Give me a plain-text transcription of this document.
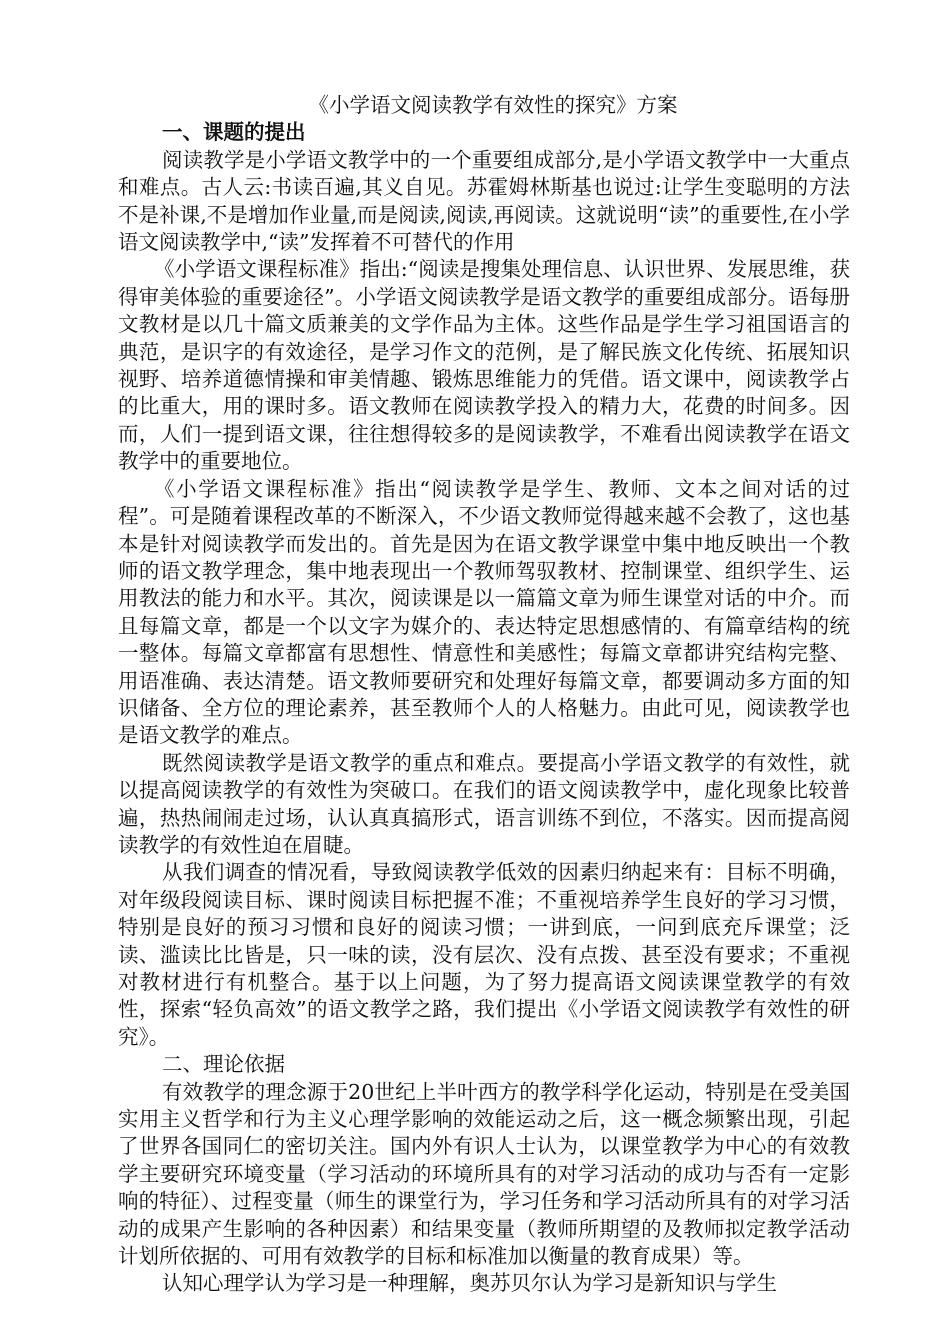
《小学语文阅读教学有效性的探究》方案
一、课题的提出

阅读教学是小学语文教学中的一个重要组成部分,是小学语文教学中一大重点和难点。古人云:书读百遍,其义自见。苏霍姆林斯基也说过:让学生变聪明的方法不是补课,不是增加作业量,而是阅读,阅读,再阅读。这就说明“读”的重要性,在小学语文阅读教学中,“读”发挥着不可替代的作用

《小学语文课程标准》指出:“阅读是搜集处理信息、认识世界、发展思维，获得审美体验的重要途径”。小学语文阅读教学是语文教学的重要组成部分。语每册文教材是以几十篇文质兼美的文学作品为主体。这些作品是学生学习祖国语言的典范，是识字的有效途径，是学习作文的范例，是了解民族文化传统、拓展知识视野、培养道德情操和审美情趣、锻炼思维能力的凭借。语文课中，阅读教学占的比重大，用的课时多。语文教师在阅读教学投入的精力大，花费的时间多。因而，人们一提到语文课，往往想得较多的是阅读教学，不难看出阅读教学在语文教学中的重要地位。

《小学语文课程标准》指出“阅读教学是学生、教师、文本之间对话的过程”。可是随着课程改革的不断深入，不少语文教师觉得越来越不会教了，这也基本是针对阅读教学而发出的。首先是因为在语文教学课堂中集中地反映出一个教师的语文教学理念，集中地表现出一个教师驾驭教材、控制课堂、组织学生、运用教法的能力和水平。其次，阅读课是以一篇篇文章为师生课堂对话的中介。而且每篇文章，都是一个以文字为媒介的、表达特定思想感情的、有篇章结构的统一整体。每篇文章都富有思想性、情意性和美感性；每篇文章都讲究结构完整、用语准确、表达清楚。语文教师要研究和处理好每篇文章，都要调动多方面的知识储备、全方位的理论素养，甚至教师个人的人格魅力。由此可见，阅读教学也是语文教学的难点。

既然阅读教学是语文教学的重点和难点。要提高小学语文教学的有效性，就以提高阅读教学的有效性为突破口。在我们的语文阅读教学中，虚化现象比较普遍，热热闹闹走过场，认认真真搞形式，语言训练不到位，不落实。因而提高阅读教学的有效性迫在眉睫。

从我们调查的情况看，导致阅读教学低效的因素归纳起来有：目标不明确，对年级段阅读目标、课时阅读目标把握不准；不重视培养学生良好的学习习惯，特别是良好的预习习惯和良好的阅读习惯；一讲到底，一问到底充斥课堂；泛读、滥读比比皆是，只一味的读，没有层次、没有点拨、甚至没有要求；不重视对教材进行有机整合。基于以上问题，为了努力提高语文阅读课堂教学的有效性，探索“轻负高效”的语文教学之路，我们提出《小学语文阅读教学有效性的研究》。

二、理论依据

有效教学的理念源于20世纪上半叶西方的教学科学化运动，特别是在受美国实用主义哲学和行为主义心理学影响的效能运动之后，这一概念频繁出现，引起了世界各国同仁的密切关注。国内外有识人士认为，以课堂教学为中心的有效教学主要研究环境变量（学习活动的环境所具有的对学习活动的成功与否有一定影响的特征）、过程变量（师生的课堂行为，学习任务和学习活动所具有的对学习活动的成果产生影响的各种因素）和结果变量（教师所期望的及教师拟定教学活动计划所依据的、可用有效教学的目标和标准加以衡量的教育成果）等。

认知心理学认为学习是一种理解，奥苏贝尔认为学习是新知识与学生
